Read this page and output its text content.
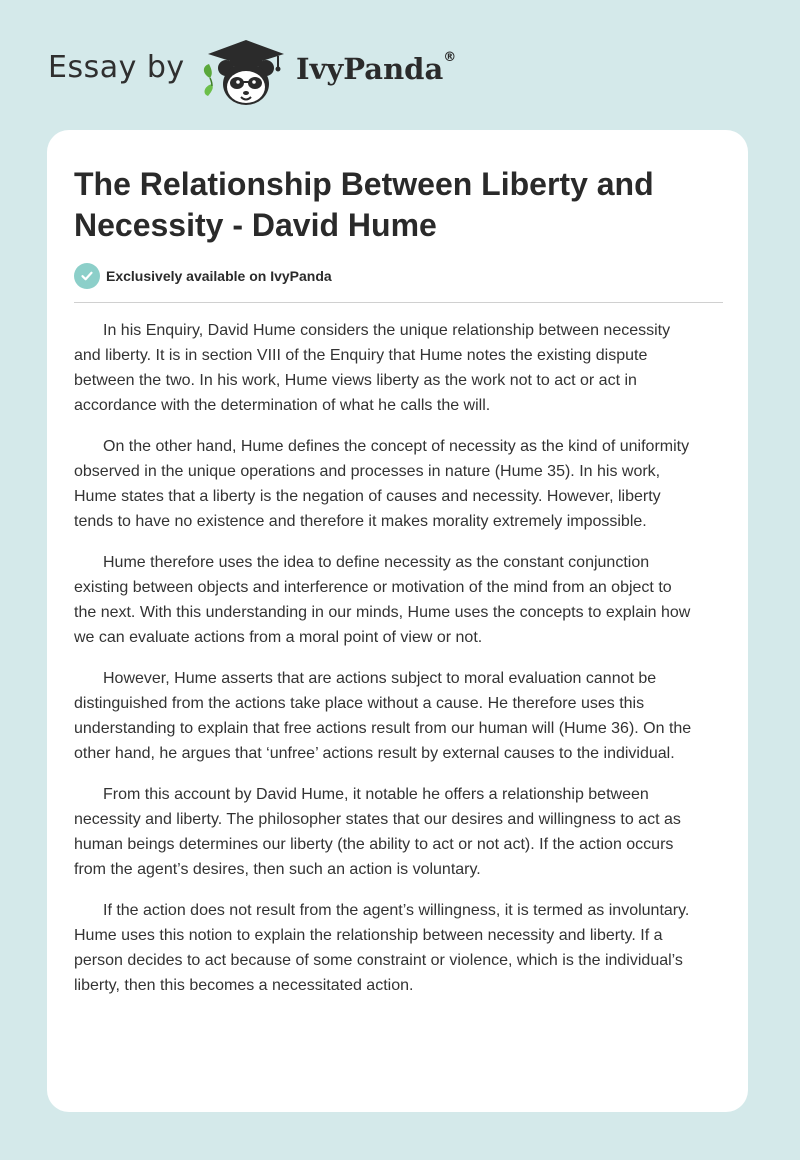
Essay by	IvyPanda®
The Relationship Between Liberty and
Necessity - David Hume
Exclusively available on IvyPanda

In his Enquiry, David Hume considers the unique relationship between necessity
and liberty. It is in section VIII of the Enquiry that Hume notes the existing dispute
between the two. In his work, Hume views liberty as the work not to act or act in
accordance with the determination of what he calls the will.

On the other hand, Hume defines the concept of necessity as the kind of uniformity
observed in the unique operations and processes in nature (Hume 35). In his work,
Hume states that a liberty is the negation of causes and necessity. However, liberty
tends to have no existence and therefore it makes morality extremely impossible.

Hume therefore uses the idea to define necessity as the constant conjunction
existing between objects and interference or motivation of the mind from an object to
the next. With this understanding in our minds, Hume uses the concepts to explain how
we can evaluate actions from a moral point of view or not.

However, Hume asserts that are actions subject to moral evaluation cannot be
distinguished from the actions take place without a cause. He therefore uses this
understanding to explain that free actions result from our human will (Hume 36). On the
other hand, he argues that ‘unfree’ actions result by external causes to the individual.

From this account by David Hume, it notable he offers a relationship between
necessity and liberty. The philosopher states that our desires and willingness to act as
human beings determines our liberty (the ability to act or not act). If the action occurs
from the agent’s desires, then such an action is voluntary.

If the action does not result from the agent’s willingness, it is termed as involuntary.
Hume uses this notion to explain the relationship between necessity and liberty. If a
person decides to act because of some constraint or violence, which is the individual’s
liberty, then this becomes a necessitated action.
